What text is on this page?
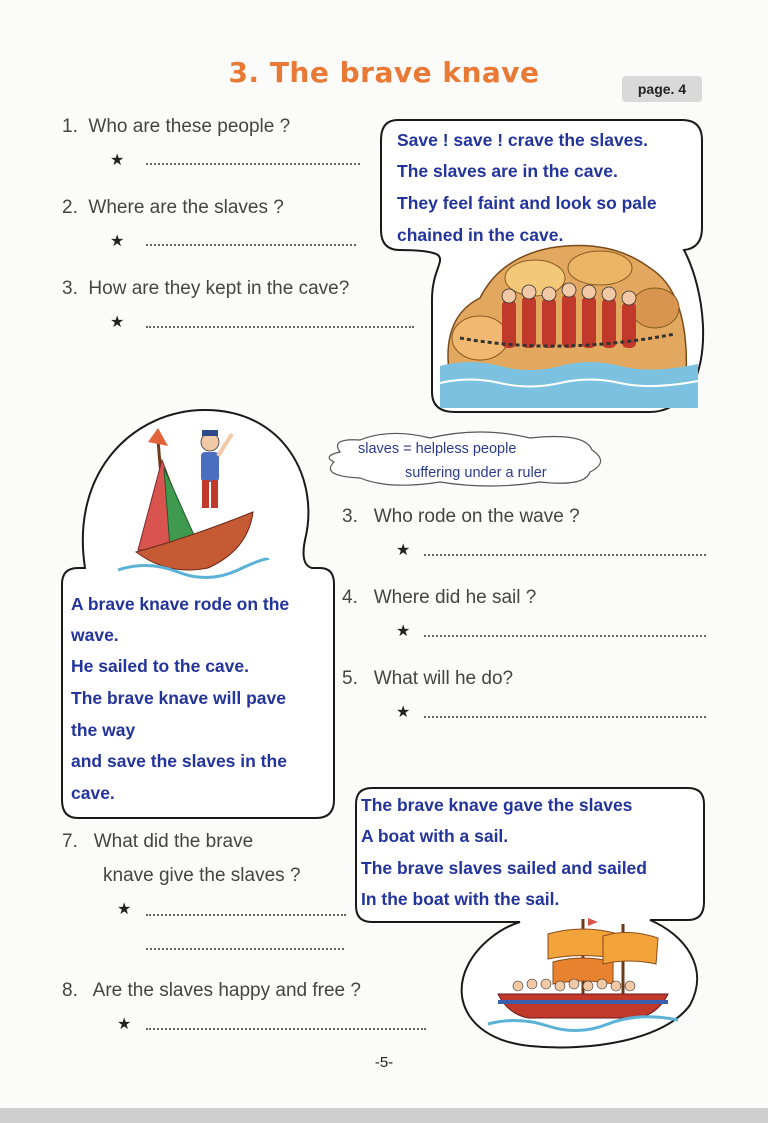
3. The brave knave	page. 4
1. Who are these people ?
★
2. Where are the slaves ?
★
3. How are they kept in the cave?
★
Save ! save ! crave the slaves.
The slaves are in the cave.
They feel faint and look so pale
chained in the cave.
slaves = helpless people
suffering under a ruler
A brave knave rode on the
wave.
He sailed to the cave.
The brave knave will pave
the way
and save the slaves in the
cave.
3. Who rode on the wave ?
★
4. Where did he sail ?
★
5. What will he do?
★
The brave knave gave the slaves
A boat with a sail.
The brave slaves sailed and sailed
In the boat with the sail.
7. What did the brave
knave give the slaves ?
★
8. Are the slaves happy and free ?
★
-5-
